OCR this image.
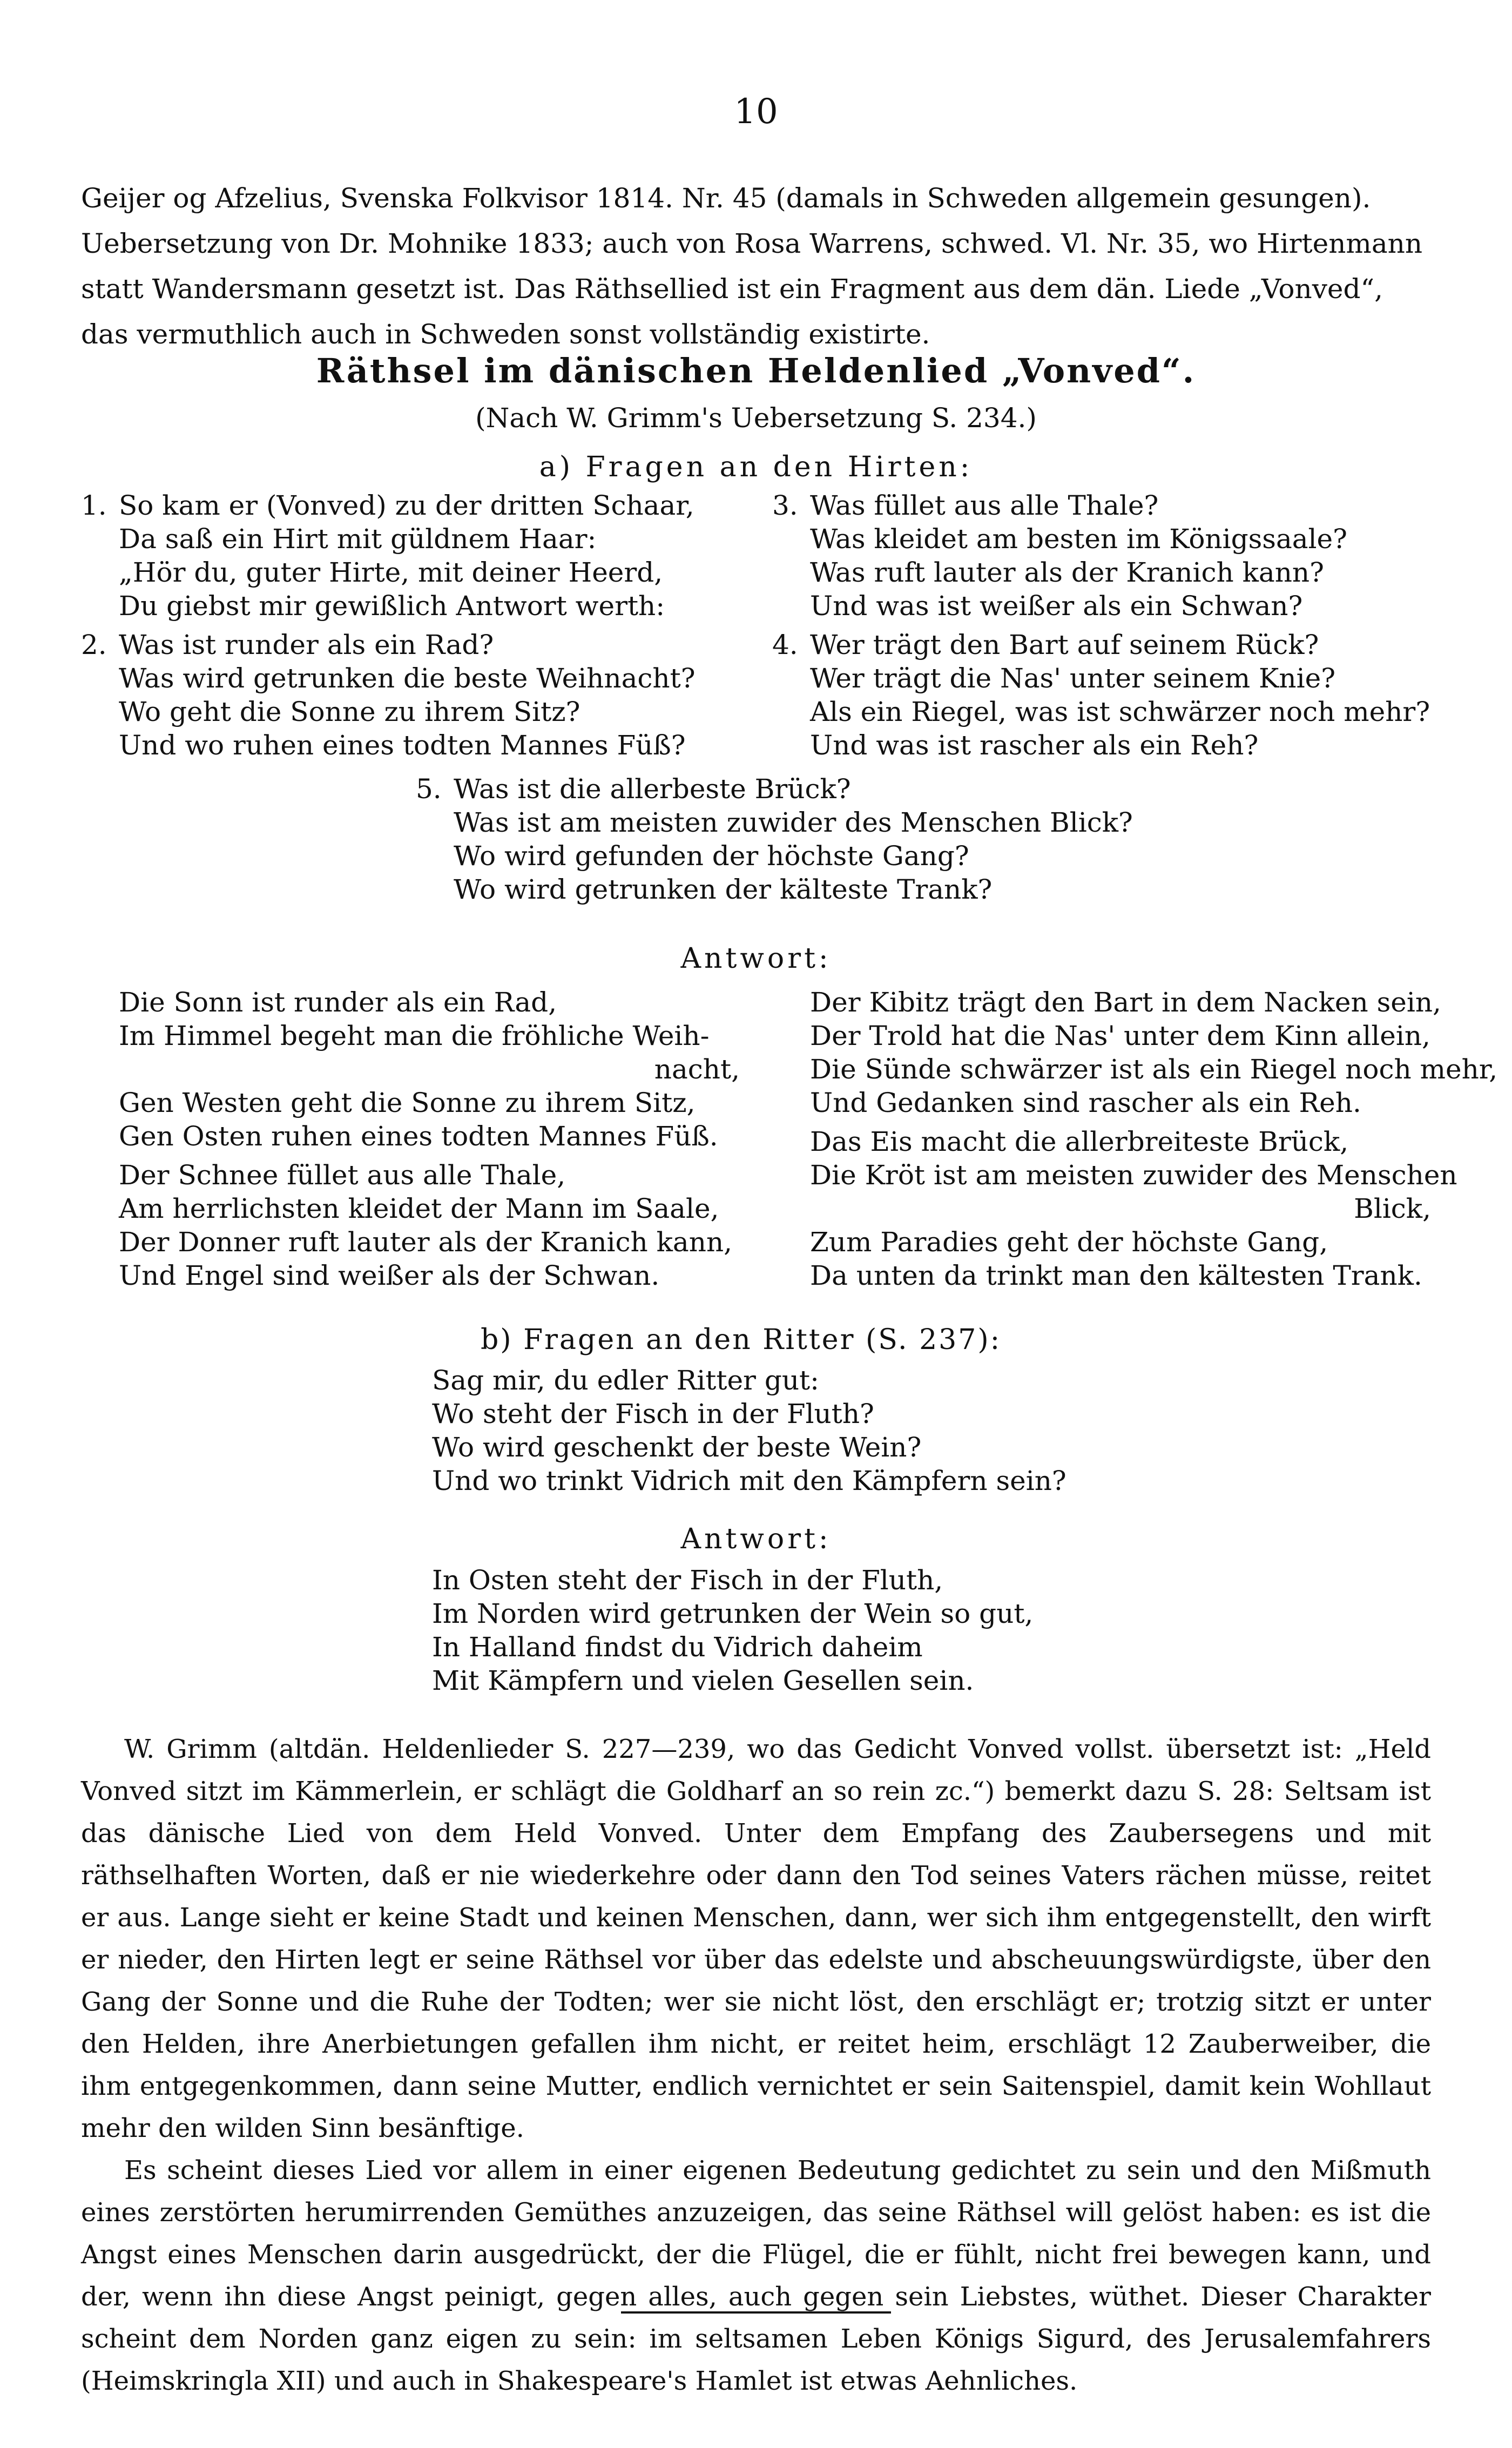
10

Geijer og Afzelius, Svenska Folkvisor 1814. Nr. 45 (damals in Schweden allgemein gesungen). Uebersetzung von Dr. Mohnike 1833; auch von Rosa Warrens, schwed. Vl. Nr. 35, wo Hirtenmann statt Wandersmann gesetzt ist. Das Räthsellied ist ein Fragment aus dem dän. Liede „Vonved“, das vermuthlich auch in Schweden sonst vollständig existirte.

Räthsel im dänischen Heldenlied „Vonved“.
(Nach W. Grimm's Uebersetzung S. 234.)
a) Fragen an den Hirten:
1. So kam er (Vonved) zu der dritten Schaar,
Da saß ein Hirt mit güldnem Haar:
„Hör du, guter Hirte, mit deiner Heerd,
Du giebst mir gewißlich Antwort werth:
2. Was ist runder als ein Rad?
Was wird getrunken die beste Weihnacht?
Wo geht die Sonne zu ihrem Sitz?
Und wo ruhen eines todten Mannes Füß?
3. Was füllet aus alle Thale?
Was kleidet am besten im Königssaale?
Was ruft lauter als der Kranich kann?
Und was ist weißer als ein Schwan?
4. Wer trägt den Bart auf seinem Rück?
Wer trägt die Nas' unter seinem Knie?
Als ein Riegel, was ist schwärzer noch mehr?
Und was ist rascher als ein Reh?
5. Was ist die allerbeste Brück?
Was ist am meisten zuwider des Menschen Blick?
Wo wird gefunden der höchste Gang?
Wo wird getrunken der kälteste Trank?
Antwort:
Die Sonn ist runder als ein Rad,
Im Himmel begeht man die fröhliche Weih-
nacht,
Gen Westen geht die Sonne zu ihrem Sitz,
Gen Osten ruhen eines todten Mannes Füß.
Der Schnee füllet aus alle Thale,
Am herrlichsten kleidet der Mann im Saale,
Der Donner ruft lauter als der Kranich kann,
Und Engel sind weißer als der Schwan.
Der Kibitz trägt den Bart in dem Nacken sein,
Der Trold hat die Nas' unter dem Kinn allein,
Die Sünde schwärzer ist als ein Riegel noch mehr,
Und Gedanken sind rascher als ein Reh.
Das Eis macht die allerbreiteste Brück,
Die Kröt ist am meisten zuwider des Menschen
Blick,
Zum Paradies geht der höchste Gang,
Da unten da trinkt man den kältesten Trank.
b) Fragen an den Ritter (S. 237):
Sag mir, du edler Ritter gut:
Wo steht der Fisch in der Fluth?
Wo wird geschenkt der beste Wein?
Und wo trinkt Vidrich mit den Kämpfern sein?
Antwort:
In Osten steht der Fisch in der Fluth,
Im Norden wird getrunken der Wein so gut,
In Halland findst du Vidrich daheim
Mit Kämpfern und vielen Gesellen sein.

W. Grimm (altdän. Heldenlieder S. 227—239, wo das Gedicht Vonved vollst. übersetzt ist: „Held Vonved sitzt im Kämmerlein, er schlägt die Goldharf an so rein zc.“) bemerkt dazu S. 28: Seltsam ist das dänische Lied von dem Held Vonved. Unter dem Empfang des Zaubersegens und mit räthselhaften Worten, daß er nie wiederkehre oder dann den Tod seines Vaters rächen müsse, reitet er aus. Lange sieht er keine Stadt und keinen Menschen, dann, wer sich ihm entgegenstellt, den wirft er nieder, den Hirten legt er seine Räthsel vor über das edelste und abscheuungswürdigste, über den Gang der Sonne und die Ruhe der Todten; wer sie nicht löst, den erschlägt er; trotzig sitzt er unter den Helden, ihre Anerbietungen gefallen ihm nicht, er reitet heim, erschlägt 12 Zauberweiber, die ihm entgegenkommen, dann seine Mutter, endlich vernichtet er sein Saitenspiel, damit kein Wohllaut mehr den wilden Sinn besänftige.

Es scheint dieses Lied vor allem in einer eigenen Bedeutung gedichtet zu sein und den Mißmuth eines zerstörten herumirrenden Gemüthes anzuzeigen, das seine Räthsel will gelöst haben: es ist die Angst eines Menschen darin ausgedrückt, der die Flügel, die er fühlt, nicht frei bewegen kann, und der, wenn ihn diese Angst peinigt, gegen alles, auch gegen sein Liebstes, wüthet. Dieser Charakter scheint dem Norden ganz eigen zu sein: im seltsamen Leben Königs Sigurd, des Jerusalemfahrers (Heimskringla XII) und auch in Shakespeare's Hamlet ist etwas Aehnliches.
